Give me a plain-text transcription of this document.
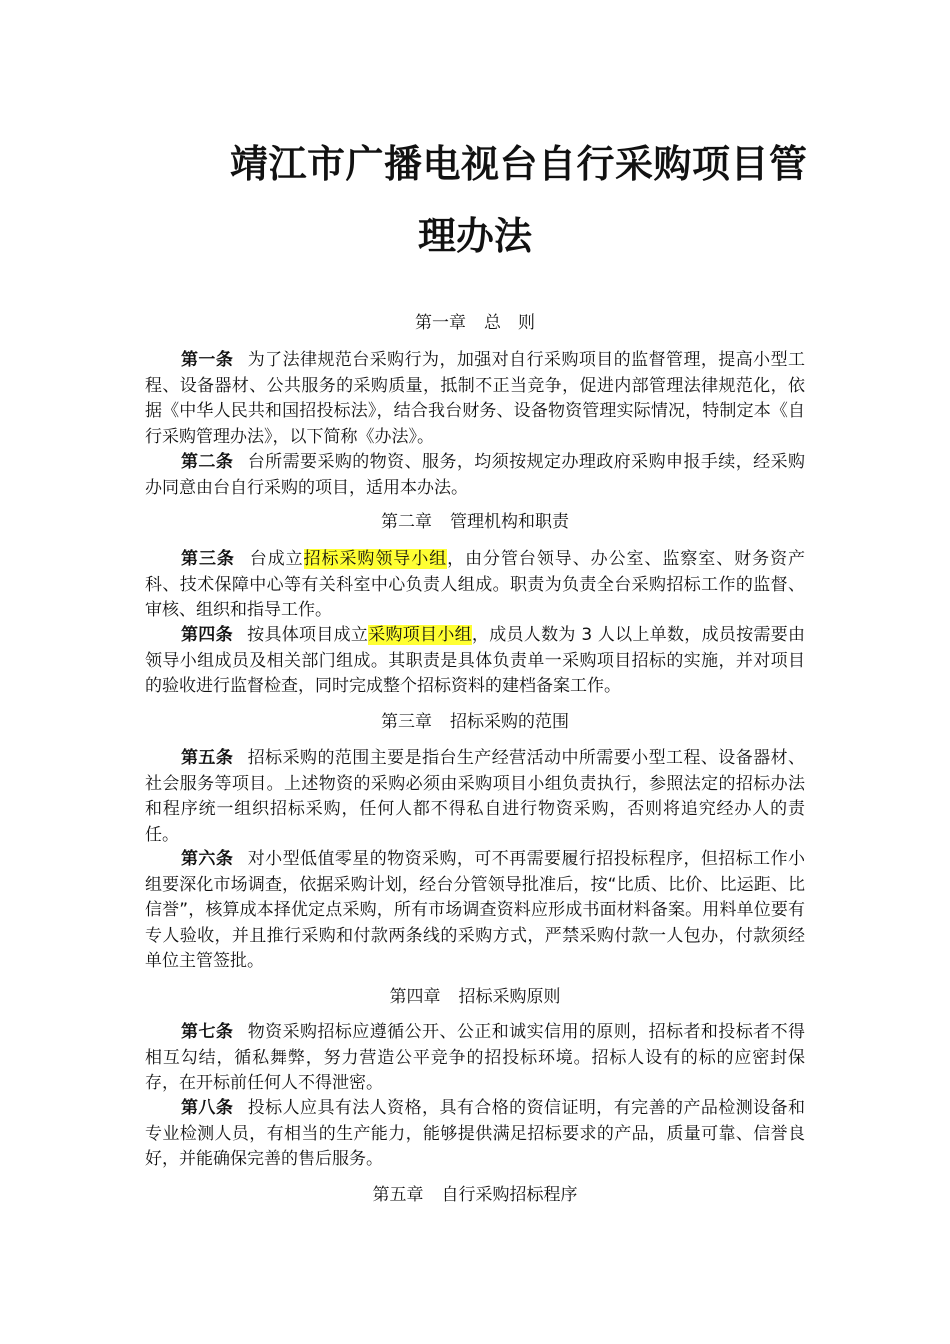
靖江市广播电视台自行采购项目管
理办法
第一章 总　则
第一条 为了法律规范台采购行为，加强对自行采购项目的监督管理，提高小型工程、设备器材、公共服务的采购质量，抵制不正当竞争，促进内部管理法律规范化，依据《中华人民共和国招投标法》，结合我台财务、设备物资管理实际情况，特制定本《自行采购管理办法》，以下简称《办法》。
第二条 台所需要采购的物资、服务，均须按规定办理政府采购申报手续，经采购办同意由台自行采购的项目，适用本办法。
第二章 管理机构和职责
第三条 台成立招标采购领导小组，由分管台领导、办公室、监察室、财务资产科、技术保障中心等有关科室中心负责人组成。职责为负责全台采购招标工作的监督、审核、组织和指导工作。
第四条 按具体项目成立采购项目小组，成员人数为 3 人以上单数，成员按需要由领导小组成员及相关部门组成。其职责是具体负责单一采购项目招标的实施，并对项目的验收进行监督检查，同时完成整个招标资料的建档备案工作。
第三章 招标采购的范围
第五条 招标采购的范围主要是指台生产经营活动中所需要小型工程、设备器材、社会服务等项目。上述物资的采购必须由采购项目小组负责执行，参照法定的招标办法和程序统一组织招标采购，任何人都不得私自进行物资采购，否则将追究经办人的责任。
第六条 对小型低值零星的物资采购，可不再需要履行招投标程序，但招标工作小组要深化市场调查，依据采购计划，经台分管领导批准后，按“比质、比价、比运距、比信誉”，核算成本择优定点采购，所有市场调查资料应形成书面材料备案。用料单位要有专人验收，并且推行采购和付款两条线的采购方式，严禁采购付款一人包办，付款须经单位主管签批。
第四章 招标采购原则
第七条 物资采购招标应遵循公开、公正和诚实信用的原则，招标者和投标者不得相互勾结，循私舞弊，努力营造公平竞争的招投标环境。招标人设有的标的应密封保存，在开标前任何人不得泄密。
第八条 投标人应具有法人资格，具有合格的资信证明，有完善的产品检测设备和专业检测人员，有相当的生产能力，能够提供满足招标要求的产品，质量可靠、信誉良好，并能确保完善的售后服务。
第五章 自行采购招标程序
